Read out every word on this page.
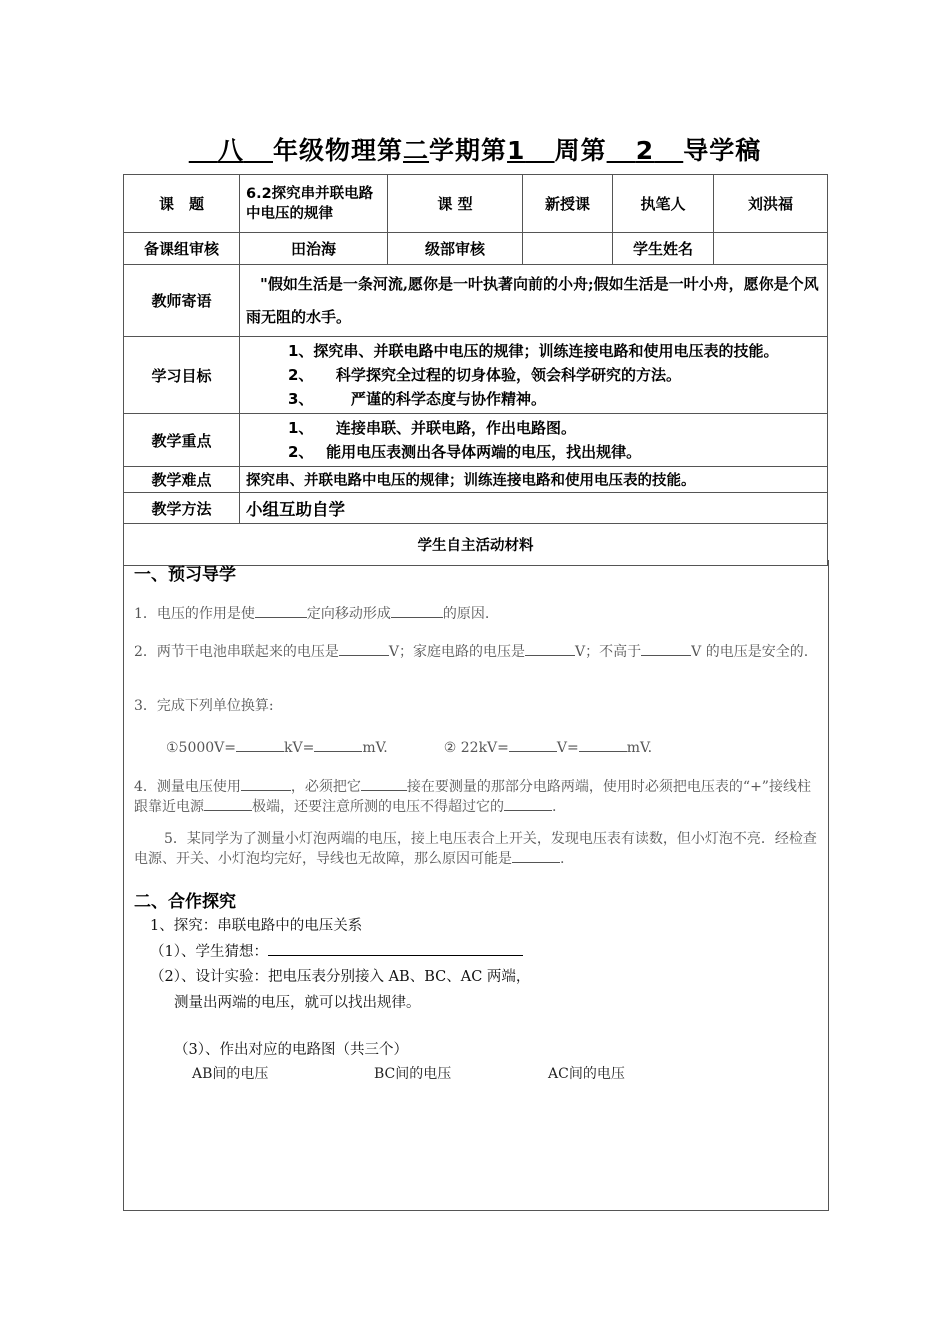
八 年级物理第二学期第1 周第 2 导学稿
课　题	6.2探究串并联电路中电压的规律	课 型	新授课	执笔人	刘洪福
备课组审核	田治海	级部审核		学生姓名	
教师寄语	"假如生活是一条河流,愿你是一叶执著向前的小舟;假如生活是一叶小舟，愿你是个风雨无阻的水手。				
学习目标	1、探究串、并联电路中电压的规律；训练连接电路和使用电压表的技能。
2、　　科学探究全过程的切身体验，领会科学研究的方法。
3、　　　严谨的科学态度与协作精神。				

教学重点	1、　　连接串联、并联电路，作出电路图。
2、　 能用电压表测出各导体两端的电压，找出规律。				

教学难点	探究串、并联电路中电压的规律；训练连接电路和使用电压表的技能。				
教学方法	小组互助自学				
学生自主活动材料					
一、预习导学
1．电压的作用是使	定向移动形成	的原因.
2．两节干电池串联起来的电压是	V；家庭电路的电压是	V；不高于	V 的电压是安全的.
3．完成下列单位换算:
①5000V=	kV=	mV.	② 22kV=	V=	mV.
4．测量电压使用	，必须把它	接在要测量的那部分电路两端，使用时必须把电压表的“+”接线柱跟靠近电源	极端，还要注意所测的电压不得超过它的	.
5．某同学为了测量小灯泡两端的电压，接上电压表合上开关，发现电压表有读数，但小灯泡不亮．经检查电源、开关、小灯泡均完好，导线也无故障，那么原因可能是	.
二、合作探究
1、探究：串联电路中的电压关系
（1）、学生猜想：
（2）、设计实验：把电压表分别接入 AB、BC、AC 两端，
测量出两端的电压，就可以找出规律。
（3）、作出对应的电路图（共三个）
AB间的电压	BC间的电压	AC间的电压
